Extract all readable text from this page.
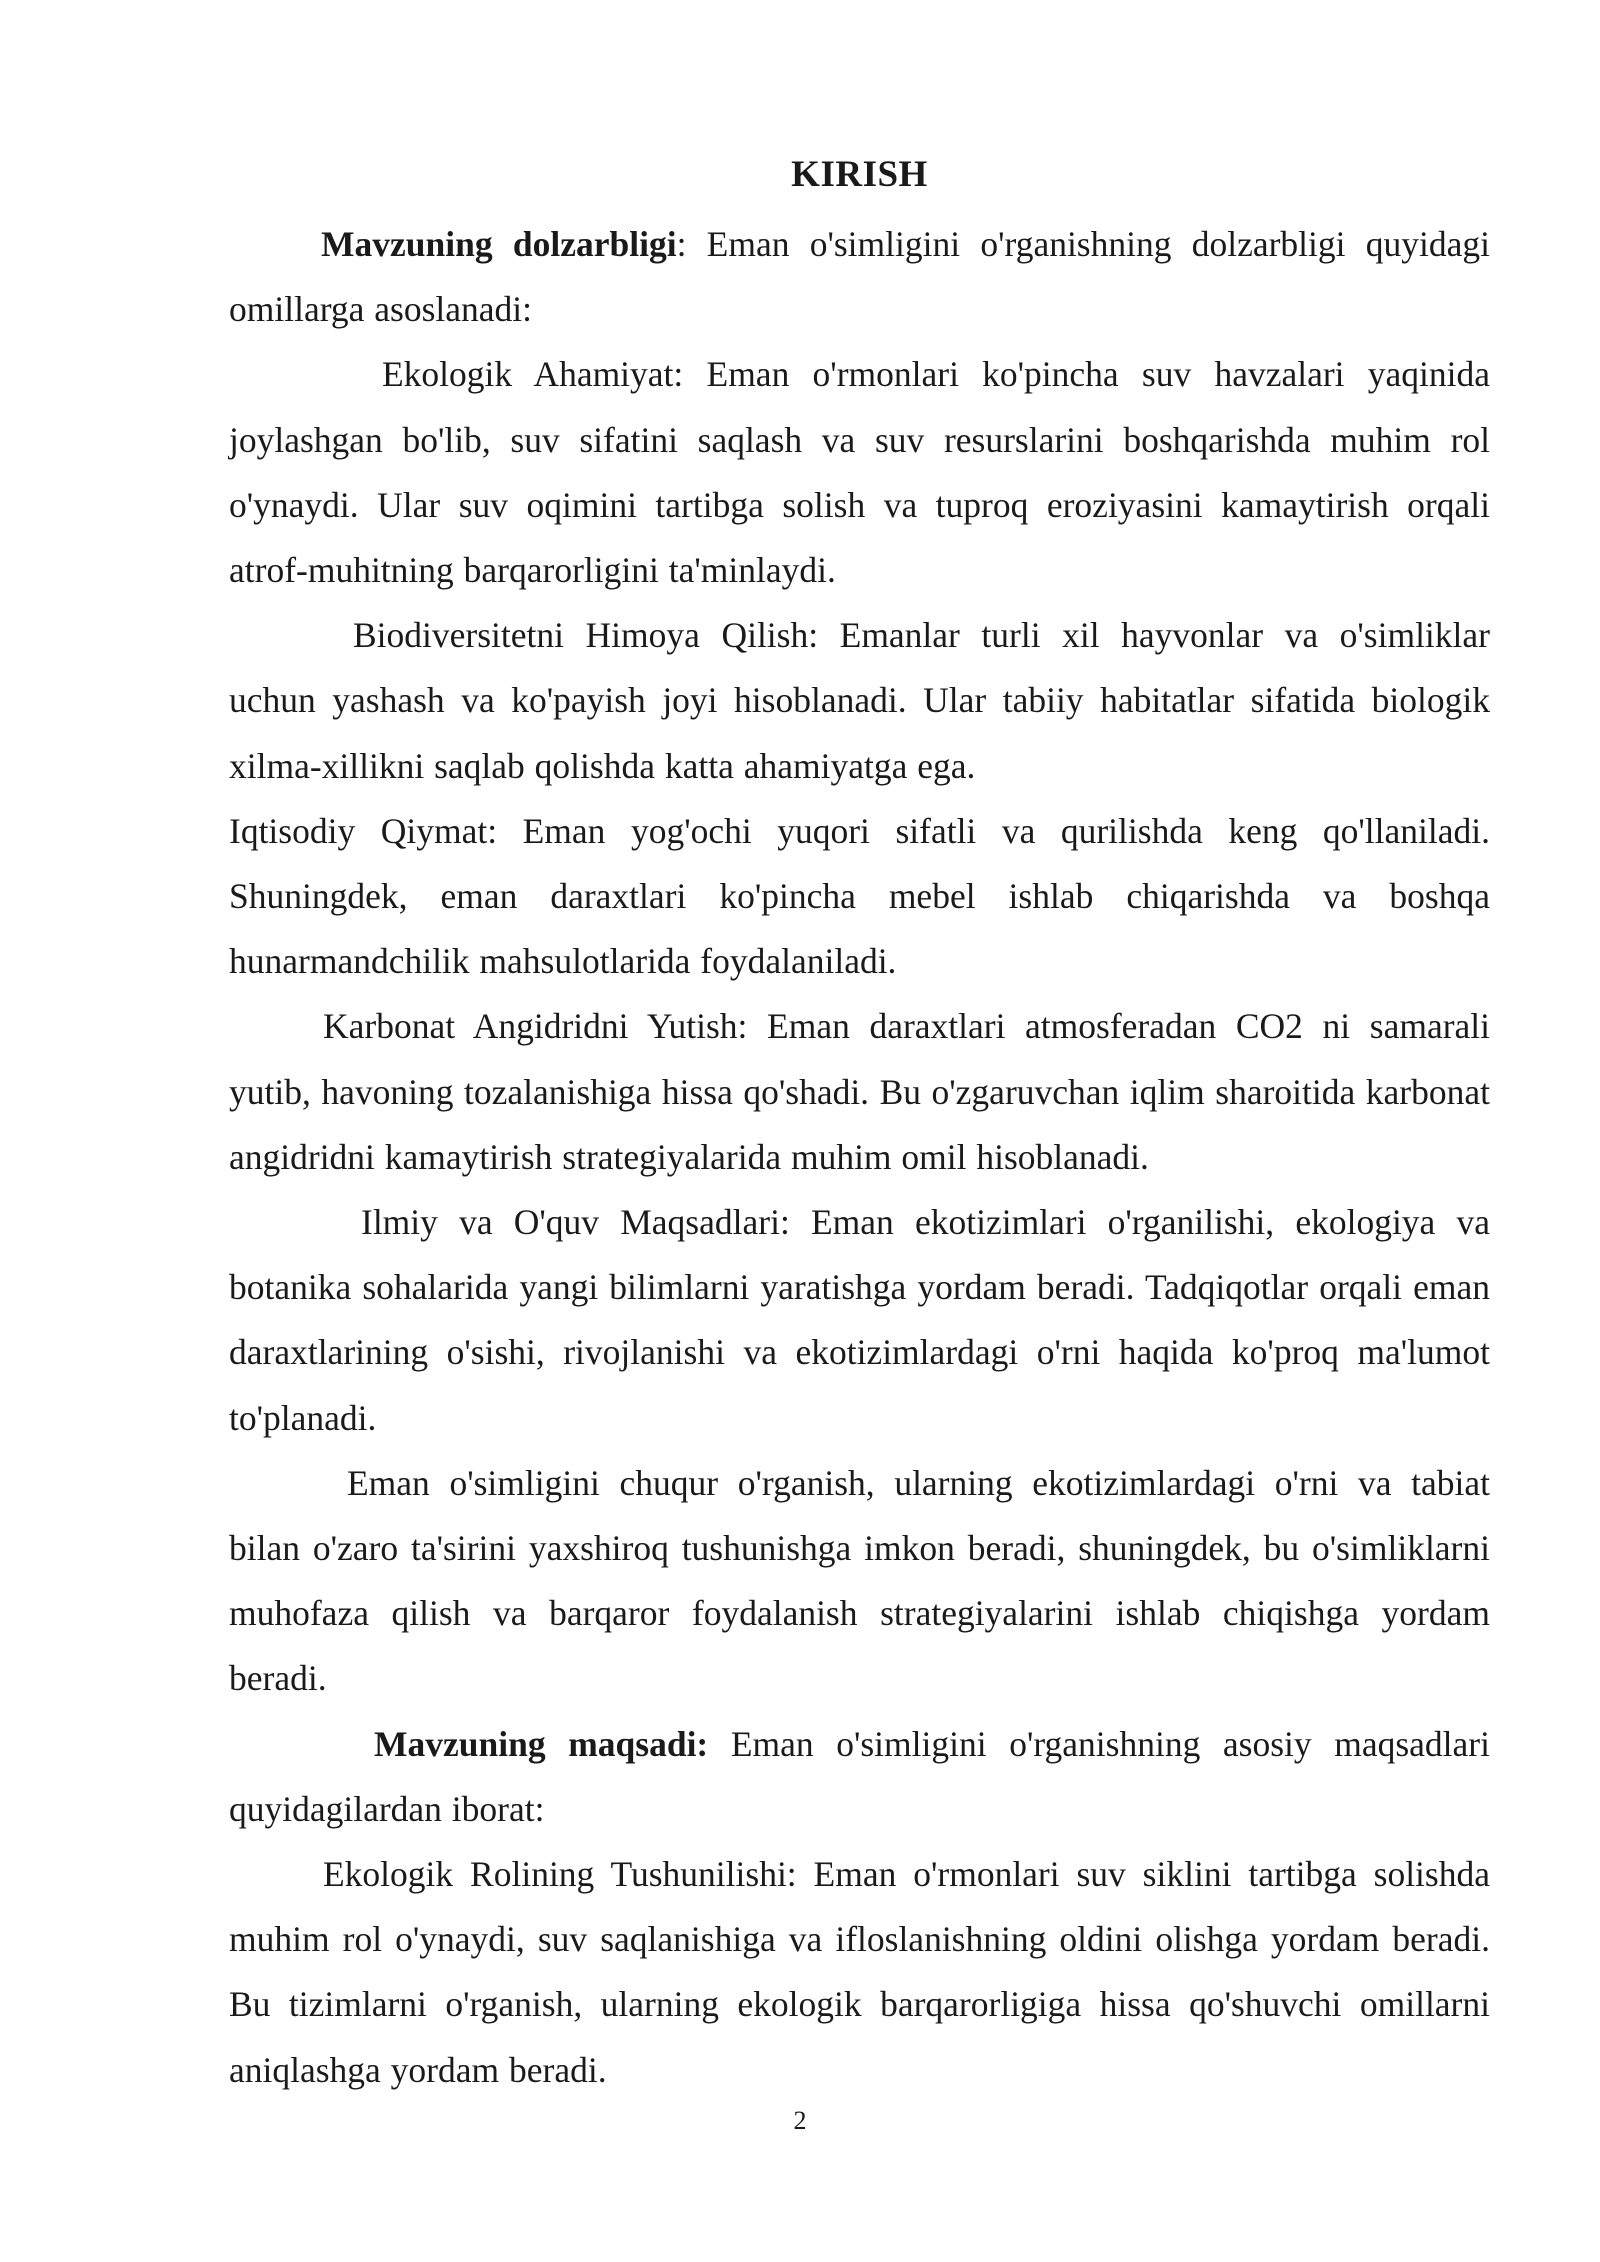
KIRISH

Mavzuning dolzarbligi: Eman o'simligini o'rganishning dolzarbligi quyidagi omillarga asoslanadi:

Ekologik Ahamiyat: Eman o'rmonlari ko'pincha suv havzalari yaqinida joylashgan bo'lib, suv sifatini saqlash va suv resurslarini boshqarishda muhim rol o'ynaydi. Ular suv oqimini tartibga solish va tuproq eroziyasini kamaytirish orqali atrof-muhitning barqarorligini ta'minlaydi.

Biodiversitetni Himoya Qilish: Emanlar turli xil hayvonlar va o'simliklar uchun yashash va ko'payish joyi hisoblanadi. Ular tabiiy habitatlar sifatida biologik xilma-xillikni saqlab qolishda katta ahamiyatga ega.

Iqtisodiy Qiymat: Eman yog'ochi yuqori sifatli va qurilishda keng qo'llaniladi. Shuningdek, eman daraxtlari ko'pincha mebel ishlab chiqarishda va boshqa hunarmandchilik mahsulotlarida foydalaniladi.

Karbonat Angidridni Yutish: Eman daraxtlari atmosferadan CO2 ni samarali yutib, havoning tozalanishiga hissa qo'shadi. Bu o'zgaruvchan iqlim sharoitida karbonat angidridni kamaytirish strategiyalarida muhim omil hisoblanadi.

Ilmiy va O'quv Maqsadlari: Eman ekotizimlari o'rganilishi, ekologiya va botanika sohalarida yangi bilimlarni yaratishga yordam beradi. Tadqiqotlar orqali eman daraxtlarining o'sishi, rivojlanishi va ekotizimlardagi o'rni haqida ko'proq ma'lumot to'planadi.

Eman o'simligini chuqur o'rganish, ularning ekotizimlardagi o'rni va tabiat bilan o'zaro ta'sirini yaxshiroq tushunishga imkon beradi, shuningdek, bu o'simliklarni muhofaza qilish va barqaror foydalanish strategiyalarini ishlab chiqishga yordam beradi.

Mavzuning maqsadi: Eman o'simligini o'rganishning asosiy maqsadlari quyidagilardan iborat:

Ekologik Rolining Tushunilishi: Eman o'rmonlari suv siklini tartibga solishda muhim rol o'ynaydi, suv saqlanishiga va ifloslanishning oldini olishga yordam beradi. Bu tizimlarni o'rganish, ularning ekologik barqarorligiga hissa qo'shuvchi omillarni aniqlashga yordam beradi.

2
